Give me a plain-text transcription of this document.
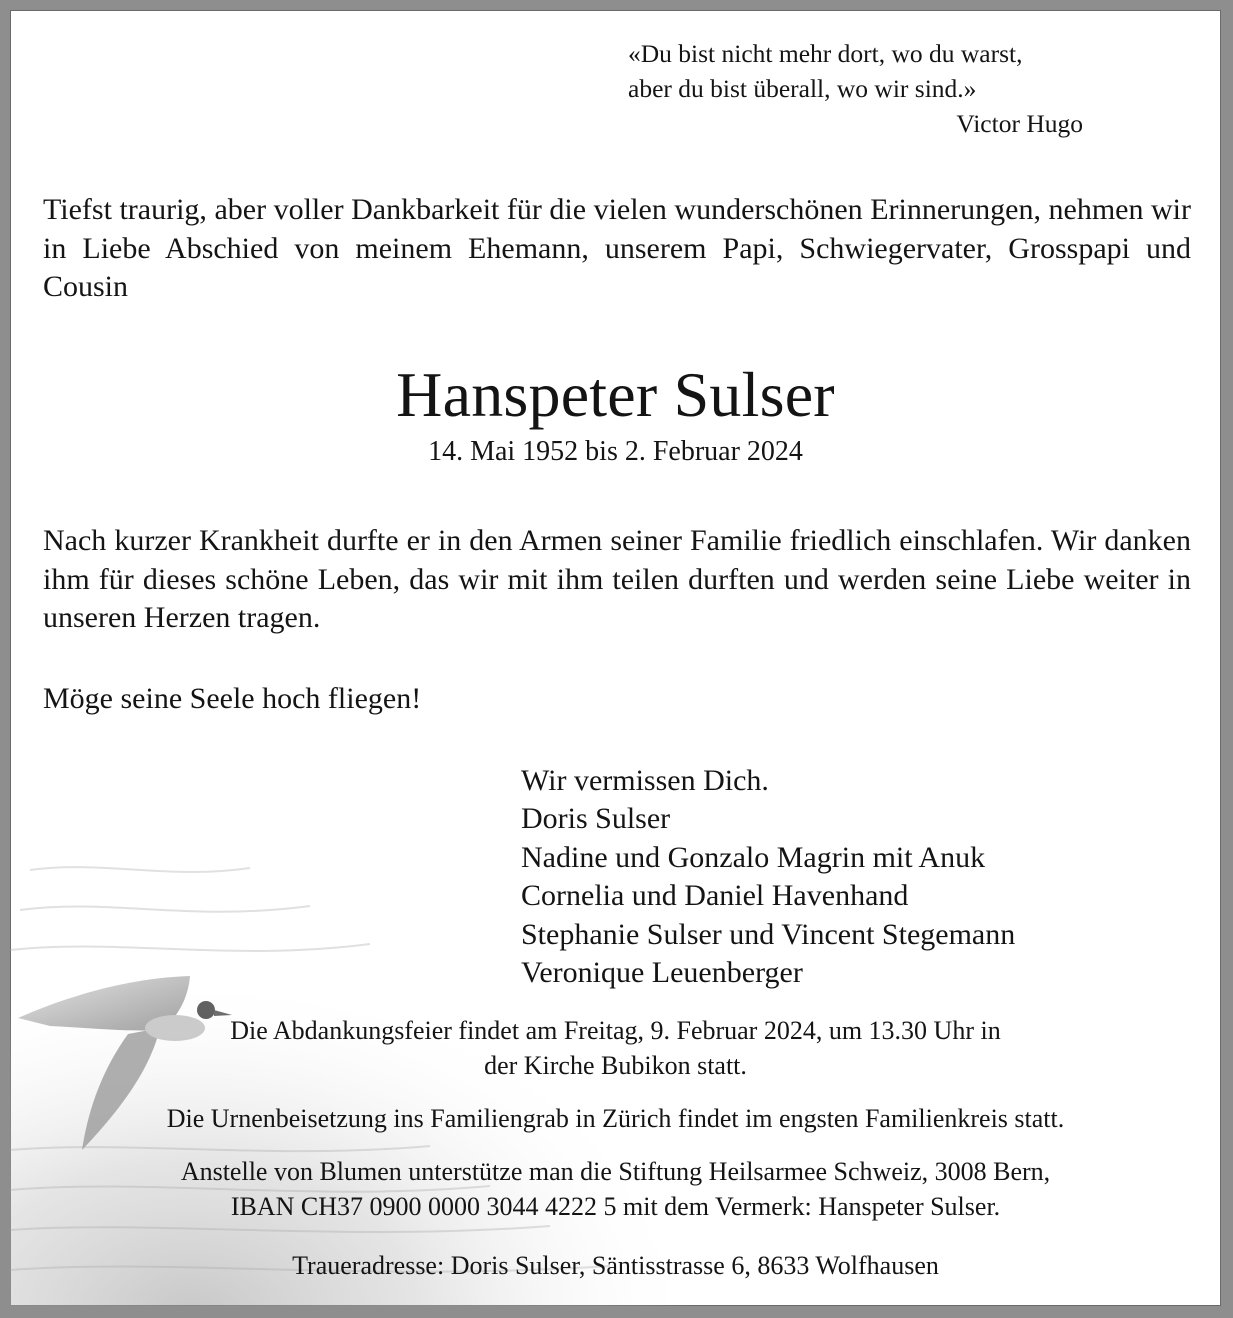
«Du bist nicht mehr dort, wo du warst,
aber du bist überall, wo wir sind.»
Victor Hugo
Tiefst traurig, aber voller Dankbarkeit für die vielen wunderschönen Erinnerungen, nehmen wir in Liebe Abschied von meinem Ehemann, unserem Papi, Schwiegervater, Grosspapi und Cousin
Hanspeter Sulser
14. Mai 1952 bis 2. Februar 2024
Nach kurzer Krankheit durfte er in den Armen seiner Familie friedlich einschlafen. Wir danken ihm für dieses schöne Leben, das wir mit ihm teilen durften und werden seine Liebe weiter in unseren Herzen tragen.
Möge seine Seele hoch fliegen!
Wir vermissen Dich.
Doris Sulser
Nadine und Gonzalo Magrin mit Anuk
Cornelia und Daniel Havenhand
Stephanie Sulser und Vincent Stegemann
Veronique Leuenberger
Die Abdankungsfeier findet am Freitag, 9. Februar 2024, um 13.30 Uhr in
der Kirche Bubikon statt.
Die Urnenbeisetzung ins Familiengrab in Zürich findet im engsten Familienkreis statt.
Anstelle von Blumen unterstütze man die Stiftung Heilsarmee Schweiz, 3008 Bern,
IBAN CH37 0900 0000 3044 4222 5 mit dem Vermerk: Hanspeter Sulser.
Traueradresse: Doris Sulser, Säntisstrasse 6, 8633 Wolfhausen
